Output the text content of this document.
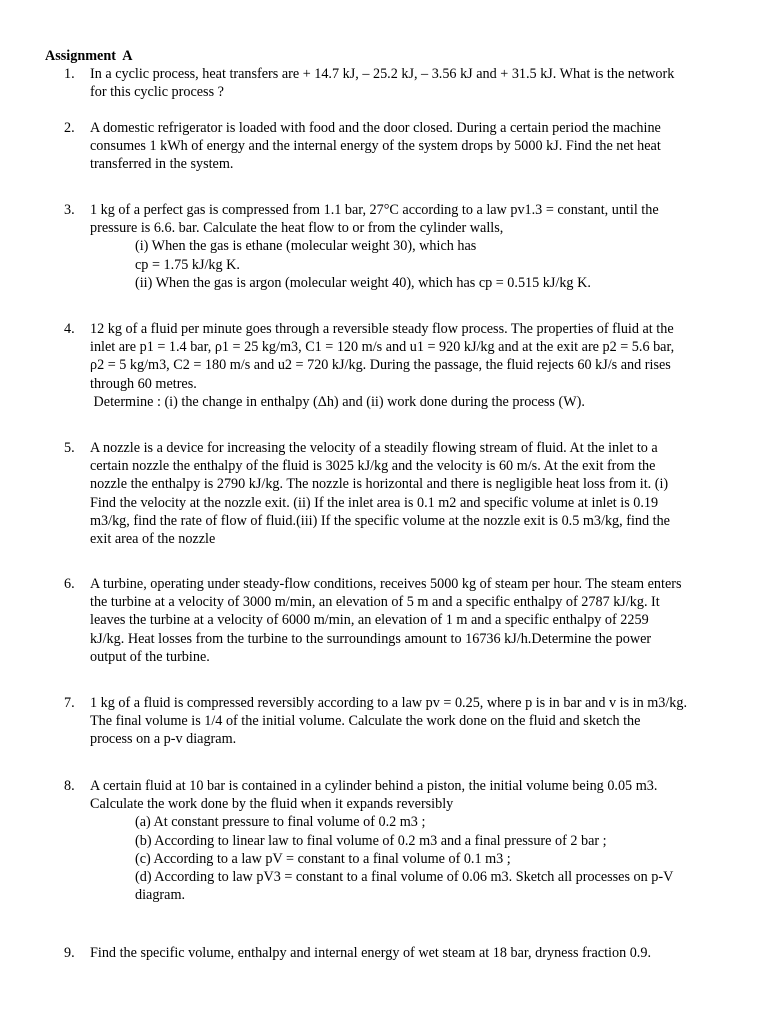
Assignment  A
1.	In a cyclic process, heat transfers are + 14.7 kJ, – 25.2 kJ, – 3.56 kJ and + 31.5 kJ. What is the network
for this cyclic process ?
2.	A domestic refrigerator is loaded with food and the door closed. During a certain period the machine
consumes 1 kWh of energy and the internal energy of the system drops by 5000 kJ. Find the net heat
transferred in the system.
3.	1 kg of a perfect gas is compressed from 1.1 bar, 27°C according to a law pv1.3 = constant, until the
pressure is 6.6. bar. Calculate the heat flow to or from the cylinder walls,
(i) When the gas is ethane (molecular weight 30), which has
cp = 1.75 kJ/kg K.
(ii) When the gas is argon (molecular weight 40), which has cp = 0.515 kJ/kg K.
4.	12 kg of a fluid per minute goes through a reversible steady flow process. The properties of fluid at the
inlet are p1 = 1.4 bar, ρ1 = 25 kg/m3, C1 = 120 m/s and u1 = 920 kJ/kg and at the exit are p2 = 5.6 bar,
ρ2 = 5 kg/m3, C2 = 180 m/s and u2 = 720 kJ/kg. During the passage, the fluid rejects 60 kJ/s and rises
through 60 metres.
Determine : (i) the change in enthalpy (Δh) and (ii) work done during the process (W).
5.	A nozzle is a device for increasing the velocity of a steadily flowing stream of fluid. At the inlet to a
certain nozzle the enthalpy of the fluid is 3025 kJ/kg and the velocity is 60 m/s. At the exit from the
nozzle the enthalpy is 2790 kJ/kg. The nozzle is horizontal and there is negligible heat loss from it. (i)
Find the velocity at the nozzle exit. (ii) If the inlet area is 0.1 m2 and specific volume at inlet is 0.19
m3/kg, find the rate of flow of fluid.(iii) If the specific volume at the nozzle exit is 0.5 m3/kg, find the
exit area of the nozzle
6.	A turbine, operating under steady-flow conditions, receives 5000 kg of steam per hour. The steam enters
the turbine at a velocity of 3000 m/min, an elevation of 5 m and a specific enthalpy of 2787 kJ/kg. It
leaves the turbine at a velocity of 6000 m/min, an elevation of 1 m and a specific enthalpy of 2259
kJ/kg. Heat losses from the turbine to the surroundings amount to 16736 kJ/h.Determine the power
output of the turbine.
7.	1 kg of a fluid is compressed reversibly according to a law pv = 0.25, where p is in bar and v is in m3/kg.
The final volume is 1/4 of the initial volume. Calculate the work done on the fluid and sketch the
process on a p-v diagram.
8.	A certain fluid at 10 bar is contained in a cylinder behind a piston, the initial volume being 0.05 m3.
Calculate the work done by the fluid when it expands reversibly
(a) At constant pressure to final volume of 0.2 m3 ;
(b) According to linear law to final volume of 0.2 m3 and a final pressure of 2 bar ;
(c) According to a law pV = constant to a final volume of 0.1 m3 ;
(d) According to law pV3 = constant to a final volume of 0.06 m3. Sketch all processes on p-V
diagram.
9.	Find the specific volume, enthalpy and internal energy of wet steam at 18 bar, dryness fraction 0.9.
